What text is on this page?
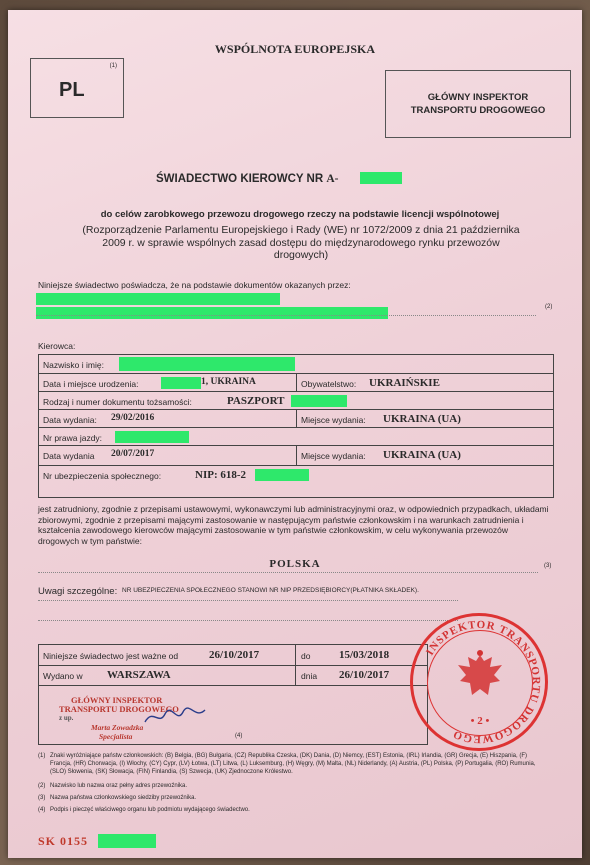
WSPÓLNOTA EUROPEJSKA
(1)
PL	GŁÓWNY INSPEKTOR TRANSPORTU DROGOWEGO
ŚWIADECTWO KIEROWCY NR A-
do celów zarobkowego przewozu drogowego rzeczy na podstawie licencji wspólnotowej
(Rozporządzenie Parlamentu Europejskiego i Rady (WE) nr 1072/2009 z dnia 21 października 2009 r. w sprawie wspólnych zasad dostępu do międzynarodowego rynku przewozów drogowych)
Niniejsze świadectwo poświadcza, że na podstawie dokumentów okazanych przez:
(2)
Kierowca:
Nazwisko i imię:
Data i miejsce urodzenia:	1, UKRAINA	Obywatelstwo: UKRAIŃSKIE
Rodzaj i numer dokumentu tożsamości:	PASZPORT
Data wydania: 29/02/2016	Miejsce wydania: UKRAINA (UA)
Nr prawa jazdy:
Data wydania 20/07/2017	Miejsce wydania: UKRAINA (UA)
Nr ubezpieczenia społecznego:	NIP: 618-2
jest zatrudniony, zgodnie z przepisami ustawowymi, wykonawczymi lub administracyjnymi oraz, w odpowiednich przypadkach, układami zbiorowymi, zgodnie z przepisami mającymi zastosowanie w następującym państwie członkowskim i na warunkach zatrudnienia i kształcenia zawodowego kierowców mającymi zastosowanie w tym państwie członkowskim, w celu wykonywania przewozów drogowych w tym państwie:
POLSKA	(3)
Uwagi szczególne: NR UBEZPIECZENIA SPOŁECZNEGO STANOWI NR NIP PRZEDSIĘBIORCY(PŁATNIKA SKŁADEK).
Niniejsze świadectwo jest ważne od	26/10/2017	do	15/03/2018
Wydano w WARSZAWA	dnia 26/10/2017
GŁÓWNY INSPEKTOR
TRANSPORTU DROGOWEGO
z up.
Marta Zowadzka
Specjalista	(4)
INSPEKTOR TRANSPORTU DROGOWEGO
• 2 •
(1) Znaki wyróżniające państw członkowskich: (B) Belgia, (BG) Bułgaria, (CZ) Republika Czeska, (DK) Dania, (D) Niemcy, (EST) Estonia, (IRL) Irlandia, (GR) Grecja, (E) Hiszpania, (F) Francja, (HR) Chorwacja, (I) Włochy, (CY) Cypr, (LV) Łotwa, (LT) Litwa, (L) Luksemburg, (H) Węgry, (M) Malta, (NL) Niderlandy, (A) Austria, (PL) Polska, (P) Portugalia, (RO) Rumunia, (SLO) Słowenia, (SK) Słowacja, (FIN) Finlandia, (S) Szwecja, (UK) Zjednoczone Królestwo.
(2) Nazwisko lub nazwa oraz pełny adres przewoźnika.
(3) Nazwa państwa członkowskiego siedziby przewoźnika.
(4) Podpis i pieczęć właściwego organu lub podmiotu wydającego świadectwo.
SK 0155
